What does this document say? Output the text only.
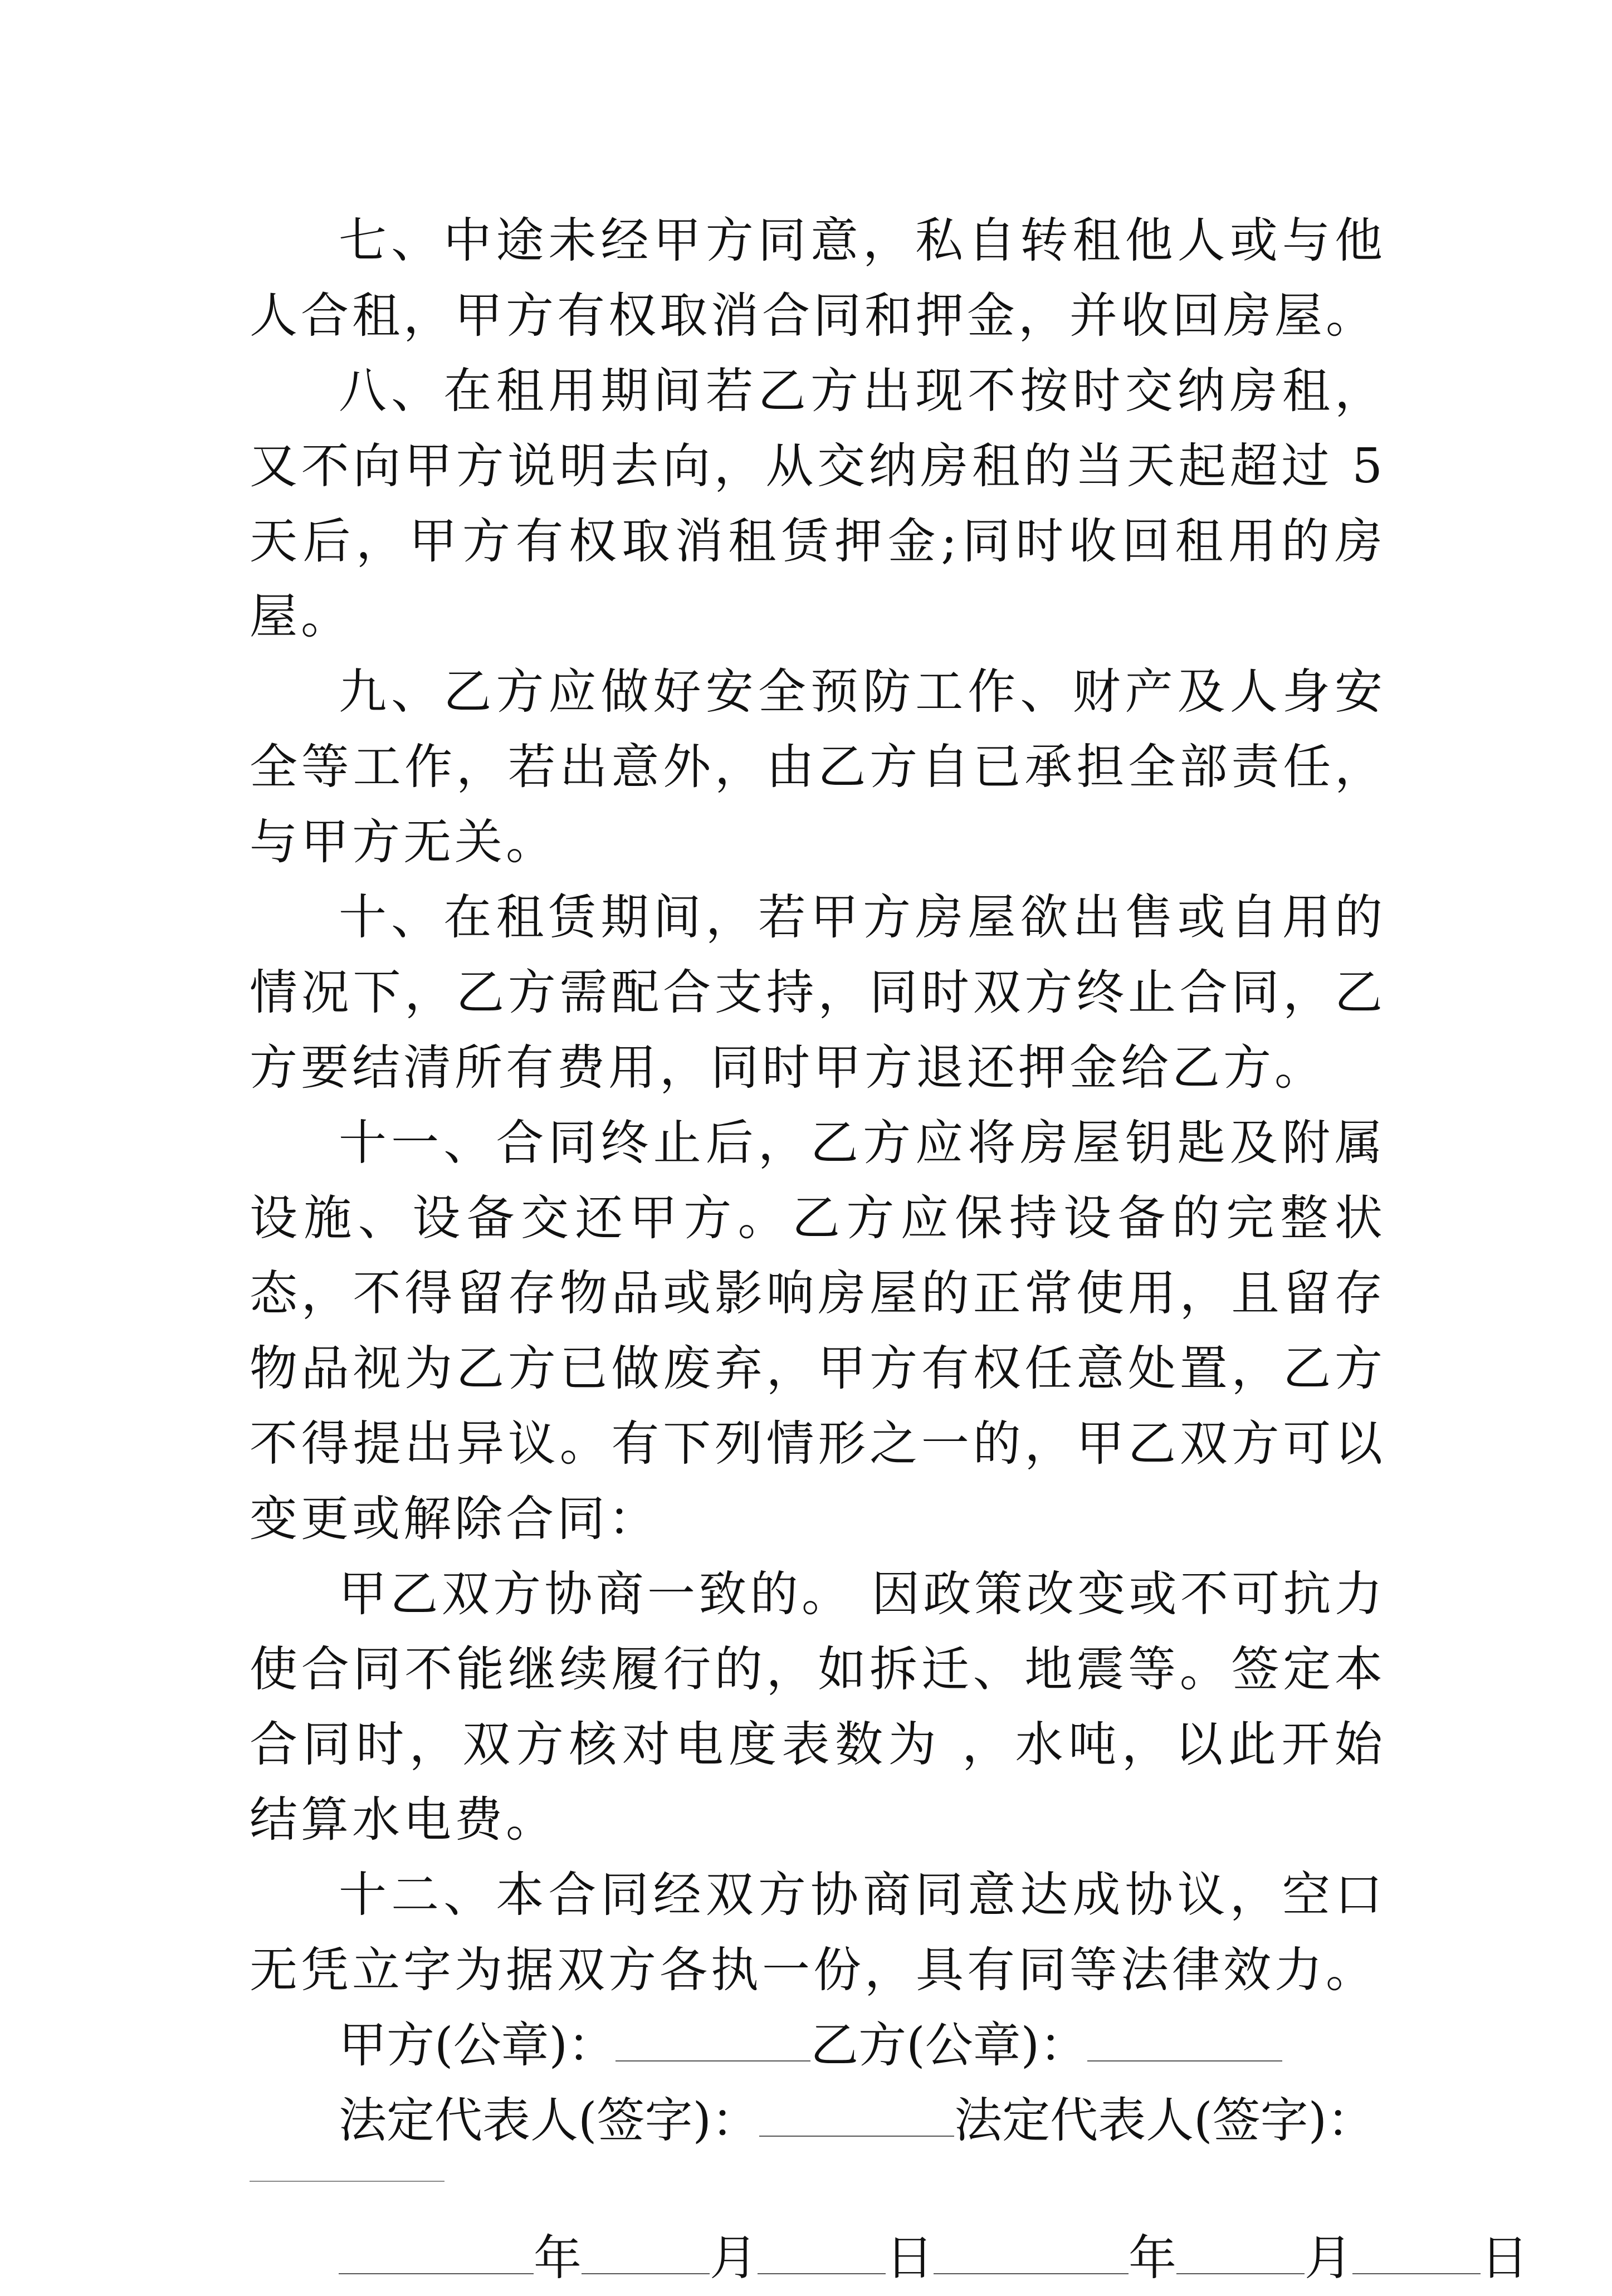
七、中途未经甲方同意，私自转租他人或与他人合租，甲方有权取消合同和押金，并收回房屋。

八、在租用期间若乙方出现不按时交纳房租，又不向甲方说明去向，从交纳房租的当天起超过 5 天后，甲方有权取消租赁押金;同时收回租用的房屋。

九、乙方应做好安全预防工作、财产及人身安全等工作，若出意外，由乙方自已承担全部责任，与甲方无关。

十、在租赁期间，若甲方房屋欲出售或自用的情况下，乙方需配合支持，同时双方终止合同，乙方要结清所有费用，同时甲方退还押金给乙方。

十一、合同终止后，乙方应将房屋钥匙及附属设施、设备交还甲方。乙方应保持设备的完整状态，不得留存物品或影响房屋的正常使用，且留存物品视为乙方已做废弃，甲方有权任意处置，乙方不得提出异议。有下列情形之一的，甲乙双方可以变更或解除合同：

甲乙双方协商一致的。 因政策改变或不可抗力使合同不能继续履行的，如拆迁、地震等。签定本合同时，双方核对电度表数为 ，水吨，以此开始结算水电费。

十二、本合同经双方协商同意达成协议，空口无凭立字为据双方各执一份，具有同等法律效力。

甲方(公章)：	乙方(公章)：

法定代表人(签字)：	法定代表人(签字)：

年	月	日	年	月	日
